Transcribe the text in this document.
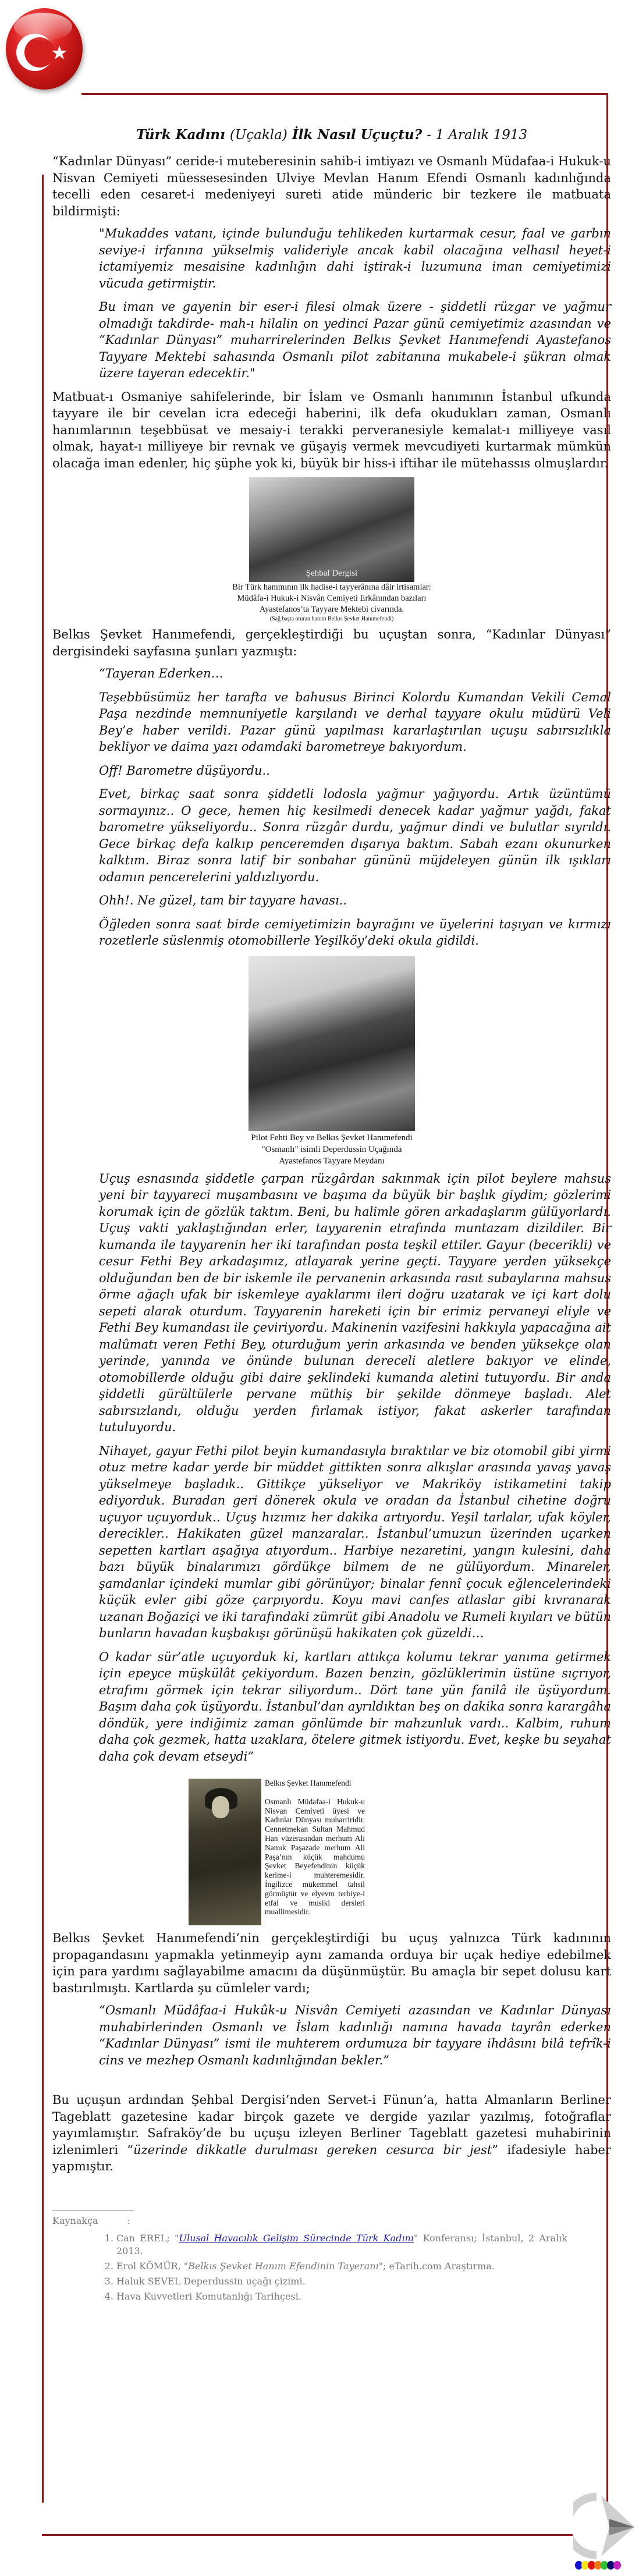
Türk Kadını (Uçakla) İlk Nasıl Uçuçtu? - 1 Aralık 1913

“Kadınlar Dünyası” ceride-i muteberesinin sahib-i imtiyazı ve Osmanlı Müdafaa-i Hukuk-u Nisvan Cemiyeti müessesesinden Ulviye Mevlan Hanım Efendi Osmanlı kadınlığında tecelli eden cesaret-i medeniyeyi sureti atide münderic bir tezkere ile matbuata bildirmişti:

"Mukaddes vatanı, içinde bulunduğu tehlikeden kurtarmak cesur, faal ve garbın seviye-i irfanına yükselmiş valideriyle ancak kabil olacağına velhasıl heyet-i ictamiyemiz mesaisine kadınlığın dahi iştirak-i luzumuna iman cemiyetimizi vücuda getirmiştir.

Bu iman ve gayenin bir eser-i filesi olmak üzere - şiddetli rüzgar ve yağmur olmadığı takdirde- mah-ı hilalin on yedinci Pazar günü cemiyetimiz azasından ve “Kadınlar Dünyası” muharrirelerinden Belkıs Şevket Hanımefendi Ayastefanos Tayyare Mektebi sahasında Osmanlı pilot zabitanına mukabele-i şükran olmak üzere tayeran edecektir."

Matbuat-ı Osmaniye sahifelerinde, bir İslam ve Osmanlı hanımının İstanbul ufkunda tayyare ile bir cevelan icra edeceği haberini, ilk defa okudukları zaman, Osmanlı hanımlarının teşebbüsat ve mesaiy-i terakki perveranesiyle kemalat-ı milliyeye vasıl olmak, hayat-ı milliyeye bir revnak ve güşayiş vermek mevcudiyeti kurtarmak mümkün olacağa iman edenler, hiç şüphe yok ki, büyük bir hiss-i iftihar ile mütehassıs olmuşlardır.

Şehbal Dergisi
Bir Türk hanımının ilk hadise-i tayyerânına dâir irtisamlar:
Müdâfa-i Hukuk-i Nisvân Cemiyeti Erkânından bazıları
Ayastefanos’ta Tayyare Mektebi civarında.
(Sağ başta oturan hanım Belkıs Şevket Hanımefendi)

Belkıs Şevket Hanımefendi, gerçekleştirdiği bu uçuştan sonra, “Kadınlar Dünyası” dergisindeki sayfasına şunları yazmıştı:

“Tayeran Ederken…

Teşebbüsümüz her tarafta ve bahusus Birinci Kolordu Kumandan Vekili Cemal Paşa nezdinde memnuniyetle karşılandı ve derhal tayyare okulu müdürü Veli Bey’e haber verildi. Pazar günü yapılması kararlaştırılan uçuşu sabırsızlıkla bekliyor ve daima yazı odamdaki barometreye bakıyordum.

Off! Barometre düşüyordu..

Evet, birkaç saat sonra şiddetli lodosla yağmur yağıyordu. Artık üzüntümü sormayınız.. O gece, hemen hiç kesilmedi denecek kadar yağmur yağdı, fakat barometre yükseliyordu.. Sonra rüzgâr durdu, yağmur dindi ve bulutlar sıyrıldı. Gece birkaç defa kalkıp penceremden dışarıya baktım. Sabah ezanı okunurken kalktım. Biraz sonra latif bir sonbahar gününü müjdeleyen günün ilk ışıkları odamın pencerelerini yaldızlıyordu.

Ohh!. Ne güzel, tam bir tayyare havası..

Öğleden sonra saat birde cemiyetimizin bayrağını ve üyelerini taşıyan ve kırmızı rozetlerle süslenmiş otomobillerle Yeşilköy’deki okula gidildi.

Pilot Fehti Bey ve Belkıs Şevket Hanımefendi
"Osmanlı" isimli Deperdussin Uçağında
Ayastefanos Tayyare Meydanı

Uçuş esnasında şiddetle çarpan rüzgârdan sakınmak için pilot beylere mahsus yeni bir tayyareci muşambasını ve başıma da büyük bir başlık giydim; gözlerimi korumak için de gözlük taktım. Beni, bu halimle gören arkadaşlarım gülüyorlardı. Uçuş vakti yaklaştığından erler, tayyarenin etrafında muntazam dizildiler. Bir kumanda ile tayyarenin her iki tarafından posta teşkil ettiler. Gayur (becerikli) ve cesur Fethi Bey arkadaşımız, atlayarak yerine geçti. Tayyare yerden yüksekçe olduğundan ben de bir iskemle ile pervanenin arkasında rasıt subaylarına mahsus örme ağaçlı ufak bir iskemleye ayaklarımı ileri doğru uzatarak ve içi kart dolu sepeti alarak oturdum. Tayyarenin hareketi için bir erimiz pervaneyi eliyle ve Fethi Bey kumandası ile çeviriyordu. Makinenin vazifesini hakkıyla yapacağına ait malûmatı veren Fethi Bey, oturduğum yerin arkasında ve benden yüksekçe olan yerinde, yanında ve önünde bulunan dereceli aletlere bakıyor ve elinde, otomobillerde olduğu gibi daire şeklindeki kumanda aletini tutuyordu. Bir anda şiddetli gürültülerle pervane müthiş bir şekilde dönmeye başladı. Alet sabırsızlandı, olduğu yerden fırlamak istiyor, fakat askerler tarafından tutuluyordu.

Nihayet, gayur Fethi pilot beyin kumandasıyla bıraktılar ve biz otomobil gibi yirmi otuz metre kadar yerde bir müddet gittikten sonra alkışlar arasında yavaş yavaş yükselmeye başladık.. Gittikçe yükseliyor ve Makriköy istikametini takip ediyorduk. Buradan geri dönerek okula ve oradan da İstanbul cihetine doğru uçuyor uçuyorduk.. Uçuş hızımız her dakika artıyordu. Yeşil tarlalar, ufak köyler, derecikler.. Hakikaten güzel manzaralar.. İstanbul’umuzun üzerinden uçarken sepetten kartları aşağıya atıyordum.. Harbiye nezaretini, yangın kulesini, daha bazı büyük binalarımızı gördükçe bilmem de ne gülüyordum. Minareler, şamdanlar içindeki mumlar gibi görünüyor; binalar fennî çocuk eğlencelerindeki küçük evler gibi göze çarpıyordu. Koyu mavi canfes atlaslar gibi kıvranarak uzanan Boğaziçi ve iki tarafındaki zümrüt gibi Anadolu ve Rumeli kıyıları ve bütün bunların havadan kuşbakışı görünüşü hakikaten çok güzeldi…

O kadar sür’atle uçuyorduk ki, kartları attıkça kolumu tekrar yanıma getirmek için epeyce müşkülât çekiyordum. Bazen benzin, gözlüklerimin üstüne sıçrıyor, etrafımı görmek için tekrar siliyordum.. Dört tane yün fanilâ ile üşüyordum. Başım daha çok üşüyordu. İstanbul’dan ayrıldıktan beş on dakika sonra karargâha döndük, yere indiğimiz zaman gönlümde bir mahzunluk vardı.. Kalbim, ruhum daha çok gezmek, hatta uzaklara, ötelere gitmek istiyordu. Evet, keşke bu seyahat daha çok devam etseydi”

Belkıs Şevket Hanımefendi
Osmanlı Müdafaa-i Hukuk-u Nisvan Cemiyeti üyesi ve Kadınlar Dünyası muharriridir. Cennetmekan Sultan Mahmud Han vüzerasından merhum Ali Namık Paşazade merhum Ali Paşa’nın küçük mahdumu Şevket Beyefendinin küçük kerime-i muhteremesidir. İngilizce mükemmel tahsil görmüştür ve elyevm terbiye-i etfal ve musiki dersleri muallimesidir.

Belkıs Şevket Hanımefendi’nin gerçekleştirdiği bu uçuş yalnızca Türk kadınının propagandasını yapmakla yetinmeyip aynı zamanda orduya bir uçak hediye edebilmek için para yardımı sağlayabilme amacını da düşünmüştür. Bu amaçla bir sepet dolusu kart bastırılmıştı. Kartlarda şu cümleler vardı;

“Osmanlı Müdâfaa-i Hukûk-u Nisvân Cemiyeti azasından ve Kadınlar Dünyası muhabirlerinden Osmanlı ve İslam kadınlığı namına havada tayrân ederken “Kadınlar Dünyası” ismi ile muhterem ordumuza bir tayyare ihdâsını bilâ tefrîk-i cins ve mezhep Osmanlı kadınlığından bekler.”

Bu uçuşun ardından Şehbal Dergisi’nden Servet-i Fünun’a, hatta Almanların Berliner Tageblatt gazetesine kadar birçok gazete ve dergide yazılar yazılmış, fotoğraflar yayımlamıştır. Safraköy’de bu uçuşu izleyen Berliner Tageblatt gazetesi muhabirinin izlenimleri “üzerinde dikkatle durulması gereken cesurca bir jest” ifadesiyle haber yapmıştır.

Kaynakça	:
1. Can EREL; "Ulusal Havacılık Gelişim Sürecinde Türk Kadını" Konferansı; İstanbul, 2 Aralık 2013.
2. Erol KÖMÜR, "Belkıs Şevket Hanım Efendinin Tayeranı"; eTarih.com Araştırma.
3. Haluk SEVEL Deperdussin uçağı çizimi.
4. Hava Kuvvetleri Komutanlığı Tarihçesi.
